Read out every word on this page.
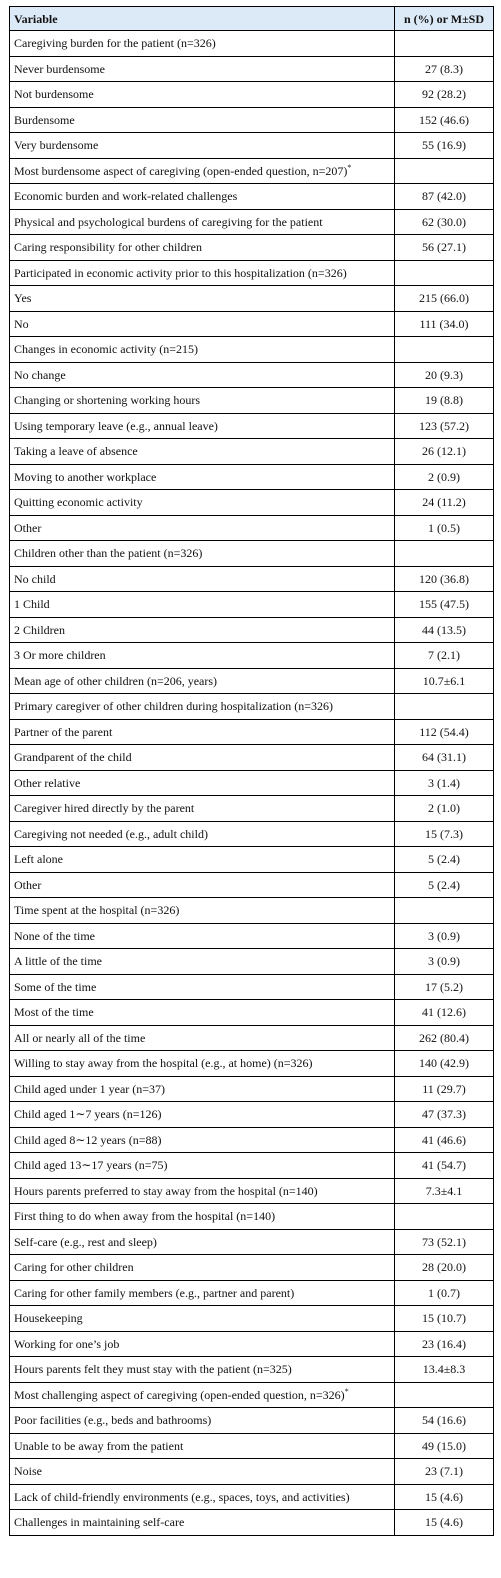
Variable	n (%) or M±SD
Caregiving burden for the patient (n=326)	
Never burdensome	27 (8.3)
Not burdensome	92 (28.2)
Burdensome	152 (46.6)
Very burdensome	55 (16.9)
Most burdensome aspect of caregiving (open-ended question, n=207)*	
Economic burden and work-related challenges	87 (42.0)
Physical and psychological burdens of caregiving for the patient	62 (30.0)
Caring responsibility for other children	56 (27.1)
Participated in economic activity prior to this hospitalization (n=326)	
Yes	215 (66.0)
No	111 (34.0)
Changes in economic activity (n=215)	
No change	20 (9.3)
Changing or shortening working hours	19 (8.8)
Using temporary leave (e.g., annual leave)	123 (57.2)
Taking a leave of absence	26 (12.1)
Moving to another workplace	2 (0.9)
Quitting economic activity	24 (11.2)
Other	1 (0.5)
Children other than the patient (n=326)	
No child	120 (36.8)
1 Child	155 (47.5)
2 Children	44 (13.5)
3 Or more children	7 (2.1)
Mean age of other children (n=206, years)	10.7±6.1
Primary caregiver of other children during hospitalization (n=326)	
Partner of the parent	112 (54.4)
Grandparent of the child	64 (31.1)
Other relative	3 (1.4)
Caregiver hired directly by the parent	2 (1.0)
Caregiving not needed (e.g., adult child)	15 (7.3)
Left alone	5 (2.4)
Other	5 (2.4)
Time spent at the hospital (n=326)	
None of the time	3 (0.9)
A little of the time	3 (0.9)
Some of the time	17 (5.2)
Most of the time	41 (12.6)
All or nearly all of the time	262 (80.4)
Willing to stay away from the hospital (e.g., at home) (n=326)	140 (42.9)
Child aged under 1 year (n=37)	11 (29.7)
Child aged 1∼7 years (n=126)	47 (37.3)
Child aged 8∼12 years (n=88)	41 (46.6)
Child aged 13∼17 years (n=75)	41 (54.7)
Hours parents preferred to stay away from the hospital (n=140)	7.3±4.1
First thing to do when away from the hospital (n=140)	
Self-care (e.g., rest and sleep)	73 (52.1)
Caring for other children	28 (20.0)
Caring for other family members (e.g., partner and parent)	1 (0.7)
Housekeeping	15 (10.7)
Working for one’s job	23 (16.4)
Hours parents felt they must stay with the patient (n=325)	13.4±8.3
Most challenging aspect of caregiving (open-ended question, n=326)*	
Poor facilities (e.g., beds and bathrooms)	54 (16.6)
Unable to be away from the patient	49 (15.0)
Noise	23 (7.1)
Lack of child-friendly environments (e.g., spaces, toys, and activities)	15 (4.6)
Challenges in maintaining self-care	15 (4.6)
